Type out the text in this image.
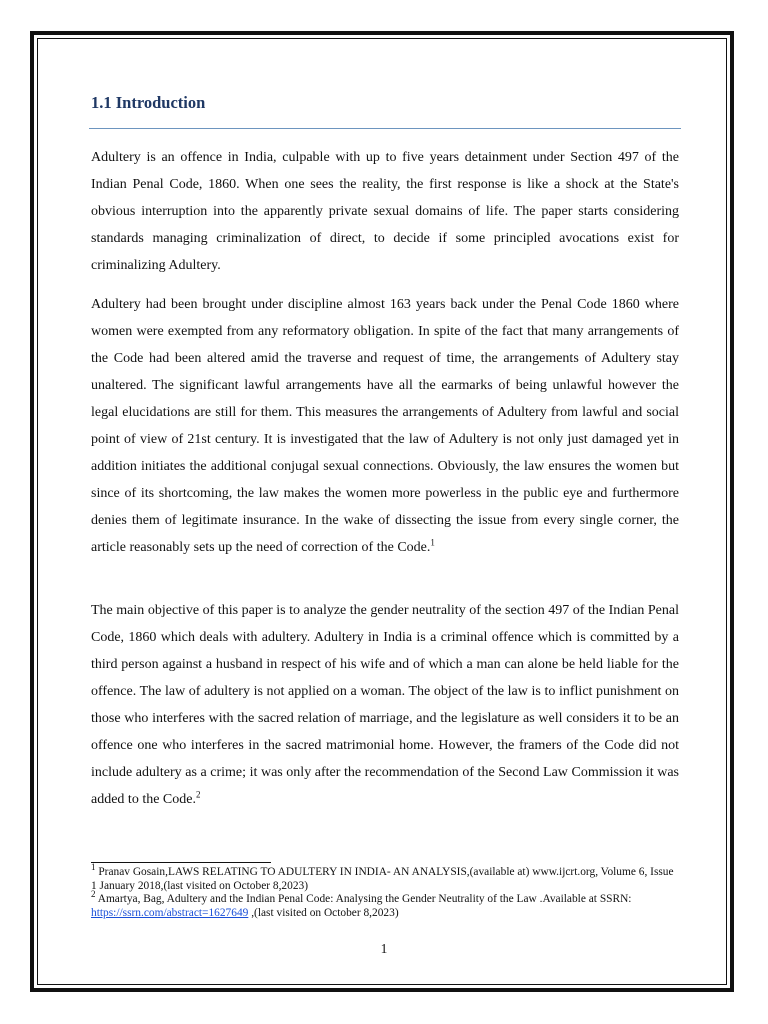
1.1 Introduction

Adultery is an offence in India, culpable with up to five years detainment under Section 497 of the Indian Penal Code, 1860. When one sees the reality, the first response is like a shock at the State's obvious interruption into the apparently private sexual domains of life. The paper starts considering standards managing criminalization of direct, to decide if some principled avocations exist for criminalizing Adultery.

Adultery had been brought under discipline almost 163 years back under the Penal Code 1860 where women were exempted from any reformatory obligation. In spite of the fact that many arrangements of the Code had been altered amid the traverse and request of time, the arrangements of Adultery stay unaltered. The significant lawful arrangements have all the earmarks of being unlawful however the legal elucidations are still for them. This measures the arrangements of Adultery from lawful and social point of view of 21st century. It is investigated that the law of Adultery is not only just damaged yet in addition initiates the additional conjugal sexual connections. Obviously, the law ensures the women but since of its shortcoming, the law makes the women more powerless in the public eye and furthermore denies them of legitimate insurance. In the wake of dissecting the issue from every single corner, the article reasonably sets up the need of correction of the Code.$^1$

The main objective of this paper is to analyze the gender neutrality of the section 497 of the Indian Penal Code, 1860 which deals with adultery. Adultery in India is a criminal offence which is committed by a third person against a husband in respect of his wife and of which a man can alone be held liable for the offence. The law of adultery is not applied on a woman. The object of the law is to inflict punishment on those who interferes with the sacred relation of marriage, and the legislature as well considers it to be an offence one who interferes in the sacred matrimonial home. However, the framers of the Code did not include adultery as a crime; it was only after the recommendation of the Second Law Commission it was added to the Code.$^2$

$^1$ Pranav Gosain,LAWS RELATING TO ADULTERY IN INDIA- AN ANALYSIS,(available at) www.ijcrt.org, Volume 6, Issue 1 January 2018,(last visited on October 8,2023)

$^2$ Amartya, Bag, Adultery and the Indian Penal Code: Analysing the Gender Neutrality of the Law .Available at SSRN: https://ssrn.com/abstract=1627649 ,(last visited on October 8,2023)

1
